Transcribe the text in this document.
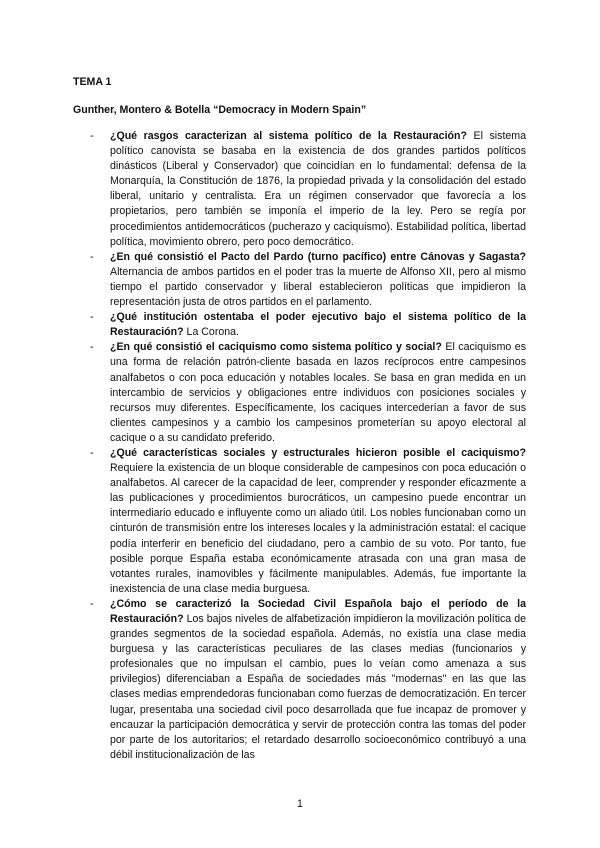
TEMA 1
Gunther, Montero & Botella “Democracy in Modern Spain”
- ¿Qué rasgos caracterizan al sistema político de la Restauración? El sistema político canovista se basaba en la existencia de dos grandes partidos políticos dinásticos (Liberal y Conservador) que coincidían en lo fundamental: defensa de la Monarquía, la Constitución de 1876, la propiedad privada y la consolidación del estado liberal, unitario y centralista. Era un régimen conservador que favorecía a los propietarios, pero también se imponía el imperio de la ley. Pero se regía por procedimientos antidemocráticos (pucherazo y caciquismo). Estabilidad política, libertad política, movimiento obrero, pero poco democrático.
- ¿En qué consistió el Pacto del Pardo (turno pacífico) entre Cánovas y Sagasta? Alternancia de ambos partidos en el poder tras la muerte de Alfonso XII, pero al mismo tiempo el partido conservador y liberal establecieron políticas que impidieron la representación justa de otros partidos en el parlamento.
- ¿Qué institución ostentaba el poder ejecutivo bajo el sistema político de la Restauración? La Corona.
- ¿En qué consistió el caciquismo como sistema político y social? El caciquismo es una forma de relación patrón-cliente basada en lazos recíprocos entre campesinos analfabetos o con poca educación y notables locales. Se basa en gran medida en un intercambio de servicios y obligaciones entre individuos con posiciones sociales y recursos muy diferentes. Específicamente, los caciques intercederían a favor de sus clientes campesinos y a cambio los campesinos prometerían su apoyo electoral al cacique o a su candidato preferido.
- ¿Qué características sociales y estructurales hicieron posible el caciquismo? Requiere la existencia de un bloque considerable de campesinos con poca educación o analfabetos. Al carecer de la capacidad de leer, comprender y responder eficazmente a las publicaciones y procedimientos burocráticos, un campesino puede encontrar un intermediario educado e influyente como un aliado útil. Los nobles funcionaban como un cinturón de transmisión entre los intereses locales y la administración estatal: el cacique podía interferir en beneficio del ciudadano, pero a cambio de su voto. Por tanto, fue posible porque España estaba económicamente atrasada con una gran masa de votantes rurales, inamovibles y fácilmente manipulables. Además, fue importante la inexistencia de una clase media burguesa.
- ¿Cómo se caracterizó la Sociedad Civil Española bajo el período de la Restauración? Los bajos niveles de alfabetización impidieron la movilización política de grandes segmentos de la sociedad española. Además, no existía una clase media burguesa y las características peculiares de las clases medias (funcionarios y profesionales que no impulsan el cambio, pues lo veían como amenaza a sus privilegios) diferenciaban a España de sociedades más "modernas" en las que las clases medias emprendedoras funcionaban como fuerzas de democratización. En tercer lugar, presentaba una sociedad civil poco desarrollada que fue incapaz de promover y encauzar la participación democrática y servir de protección contra las tomas del poder por parte de los autoritarios; el retardado desarrollo socioeconómico contribuyó a una débil institucionalización de las
1
